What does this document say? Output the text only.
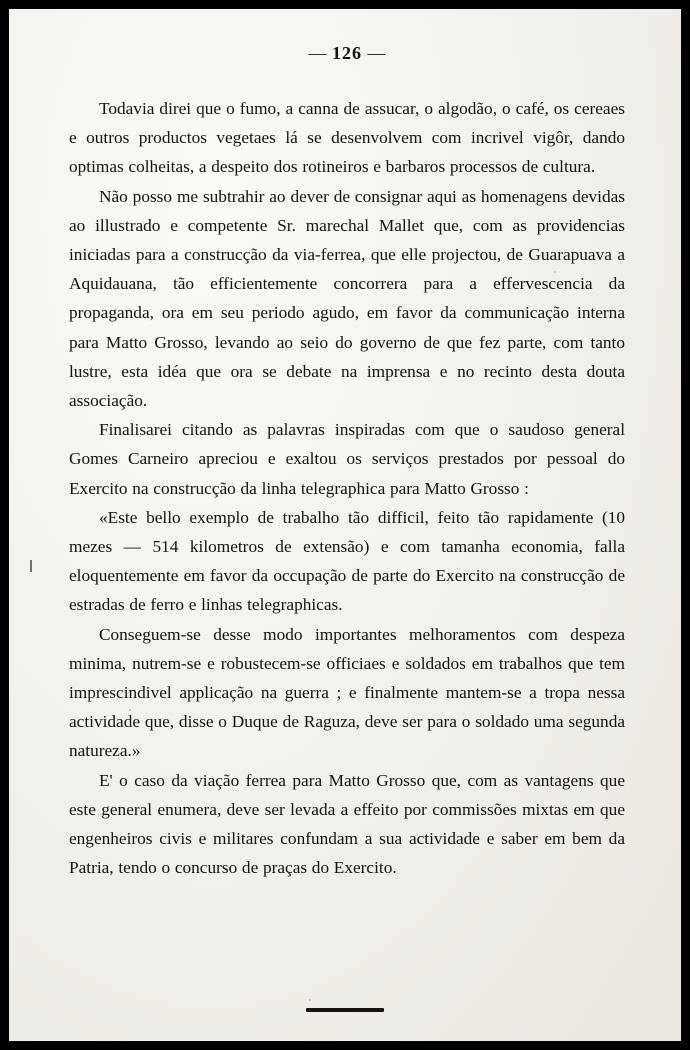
— 126 —

Todavia direi que o fumo, a canna de assucar, o algodão, o café, os cereaes e outros productos vegetaes lá se desenvolvem com incrivel vigôr, dando optimas colheitas, a despeito dos rotineiros e barbaros processos de cultura.

Não posso me subtrahir ao dever de consignar aqui as homenagens devidas ao illustrado e competente Sr. marechal Mallet que, com as providencias iniciadas para a construcção da via-ferrea, que elle projectou, de Guarapuava a Aquidauana, tão efficientemente concorrera para a effervescencia da propaganda, ora em seu periodo agudo, em favor da communicação interna para Matto Grosso, levando ao seio do governo de que fez parte, com tanto lustre, esta idéa que ora se debate na imprensa e no recinto desta douta associação.

Finalisarei citando as palavras inspiradas com que o saudoso general Gomes Carneiro apreciou e exaltou os serviços prestados por pessoal do Exercito na construcção da linha telegraphica para Matto Grosso :

«Este bello exemplo de trabalho tão difficil, feito tão rapidamente (10 mezes — 514 kilometros de extensão) e com tamanha economia, falla eloquentemente em favor da occupação de parte do Exercito na construcção de estradas de ferro e linhas telegraphicas.

Conseguem-se desse modo importantes melhoramentos com despeza minima, nutrem-se e robustecem-se officiaes e soldados em trabalhos que tem imprescindivel applicação na guerra ; e finalmente mantem-se a tropa nessa actividade que, disse o Duque de Raguza, deve ser para o soldado uma segunda natureza.»

E' o caso da viação ferrea para Matto Grosso que, com as vantagens que este general enumera, deve ser levada a effeito por commissões mixtas em que engenheiros civis e militares confundam a sua actividade e saber em bem da Patria, tendo o concurso de praças do Exercito.
